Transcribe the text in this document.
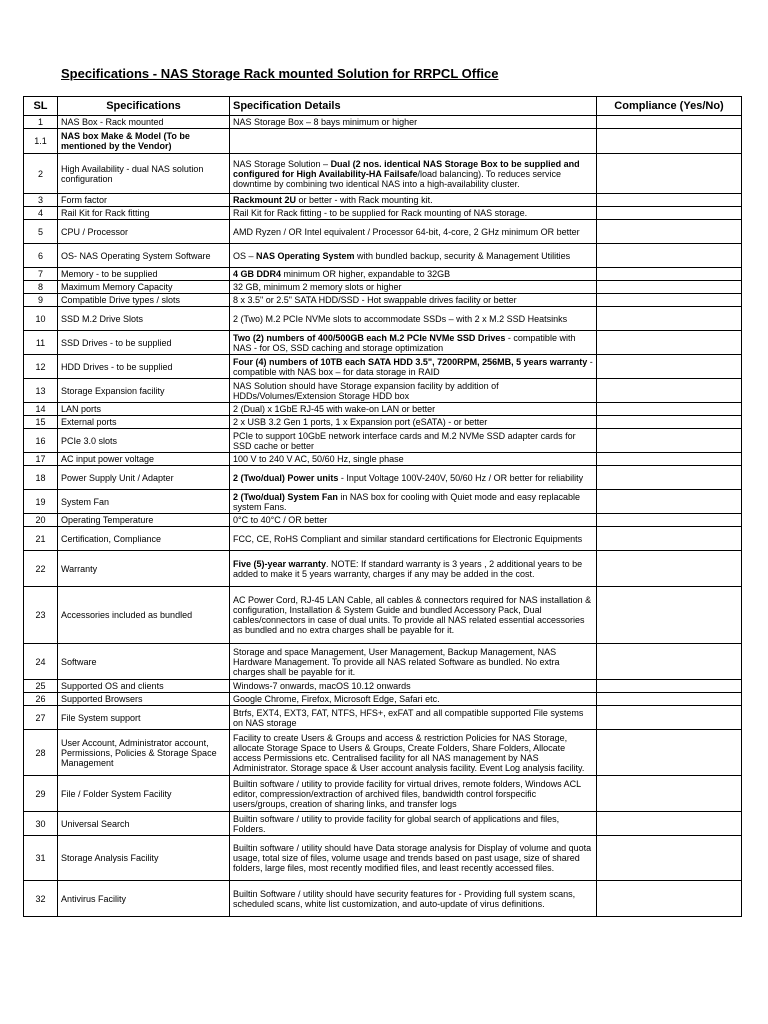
Specifications - NAS Storage Rack mounted Solution for RRPCL Office
SL	Specifications	Specification Details	Compliance (Yes/No)
1	NAS Box - Rack mounted	NAS Storage Box – 8 bays minimum or higher	
1.1	NAS box Make & Model (To be mentioned by the Vendor)		
2	High Availability - dual NAS solution configuration	NAS Storage Solution – Dual (2 nos. identical NAS Storage Box to be supplied and configured for High Availability-HA Failsafe/load balancing). To reduces service downtime by combining two identical NAS into a high-availability cluster.	
3	Form factor	Rackmount 2U or better - with Rack mounting kit.	
4	Rail Kit for Rack fitting	Rail Kit for Rack fitting - to be supplied for Rack mounting of NAS storage.	
5	CPU / Processor	AMD Ryzen / OR Intel equivalent / Processor 64-bit, 4-core, 2 GHz minimum OR better	
6	OS- NAS Operating System Software	OS – NAS Operating System with bundled backup, security & Management Utilities	
7	Memory - to be supplied	4 GB DDR4 minimum OR higher, expandable to 32GB	
8	Maximum Memory Capacity	32 GB, minimum 2 memory slots or higher	
9	Compatible Drive types / slots	8 x 3.5" or 2.5" SATA HDD/SSD - Hot swappable drives facility or better	
10	SSD M.2 Drive Slots	2 (Two) M.2 PCIe NVMe slots to accommodate SSDs – with 2 x M.2 SSD Heatsinks	
11	SSD Drives - to be supplied	Two (2) numbers of 400/500GB each M.2 PCIe NVMe SSD Drives - compatible with NAS - for OS, SSD caching and storage optimization	
12	HDD Drives - to be supplied	Four (4) numbers of 10TB each SATA HDD 3.5", 7200RPM, 256MB, 5 years warranty - compatible with NAS box – for data storage in RAID	
13	Storage Expansion facility	NAS Solution should have Storage expansion facility by addition of HDDs/Volumes/Extension Storage HDD box	
14	LAN ports	2 (Dual) x 1GbE RJ-45 with wake-on LAN or better	
15	External ports	2 x USB 3.2 Gen 1 ports, 1 x Expansion port (eSATA) - or better	
16	PCIe 3.0 slots	PCIe to support 10GbE network interface cards and M.2 NVMe SSD adapter cards for SSD cache or better	
17	AC input power voltage	100 V to 240 V AC, 50/60 Hz, single phase	
18	Power Supply Unit / Adapter	2 (Two/dual) Power units - Input Voltage 100V-240V, 50/60 Hz / OR better for reliability	
19	System Fan	2 (Two/dual) System Fan in NAS box for cooling with Quiet mode and easy replacable system Fans.	
20	Operating Temperature	0°C to 40°C / OR better	
21	Certification, Compliance	FCC, CE, RoHS Compliant and similar standard certifications for Electronic Equipments	
22	Warranty	Five (5)-year warranty. NOTE: If standard warranty is 3 years , 2 additional years to be added to make it 5 years warranty, charges if any may be added in the cost.	
23	Accessories included as bundled	AC Power Cord, RJ-45 LAN Cable, all cables & connectors required for NAS installation & configuration, Installation & System Guide and bundled Accessory Pack, Dual cables/connectors in case of dual units. To provide all NAS related essential accessories as bundled and no extra charges shall be payable for it.	
24	Software	Storage and space Management, User Management, Backup Management, NAS Hardware Management. To provide all NAS related Software as bundled. No extra charges shall be payable for it.	
25	Supported OS and clients	Windows-7 onwards, macOS 10.12 onwards	
26	Supported Browsers	Google Chrome, Firefox, Microsoft Edge, Safari etc.	
27	File System support	Btrfs, EXT4, EXT3, FAT, NTFS, HFS+, exFAT and all compatible supported File systems on NAS storage	
28	User Account, Administrator account, Permissions, Policies & Storage Space Management	Facility to create Users & Groups and access & restriction Policies for NAS Storage, allocate Storage Space to Users & Groups, Create Folders, Share Folders, Allocate access Permissions etc. Centralised facility for all NAS management by NAS Administrator. Storage space & User account analysis facility. Event Log analysis facility.	
29	File / Folder System Facility	Builtin software / utility to provide facility for virtual drives, remote folders, Windows ACL editor, compression/extraction of archived files, bandwidth control forspecific users/groups, creation of sharing links, and transfer logs	
30	Universal Search	Builtin software / utility to provide facility for global search of applications and files, Folders.	
31	Storage Analysis Facility	Builtin software / utility should have Data storage analysis for Display of volume and quota usage, total size of files, volume usage and trends based on past usage, size of shared folders, large files, most recently modified files, and least recently accessed files.	
32	Antivirus Facility	Builtin Software / utility should have security features for - Providing full system scans, scheduled scans, white list customization, and auto-update of virus definitions.	
